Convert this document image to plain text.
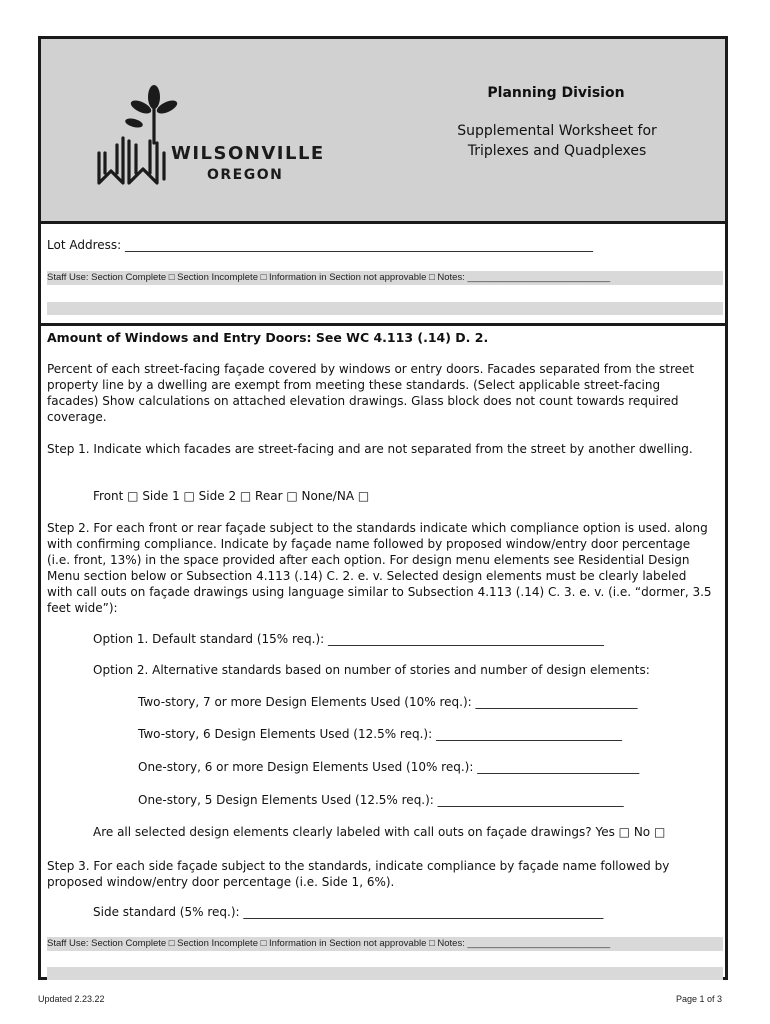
WILSONVILLE
OREGON
Planning Division
Supplemental Worksheet for
Triplexes and Quadplexes
Lot Address: ______________________________________________________________________________
Staff Use: Section Complete □ Section Incomplete □ Information in Section not approvable □ Notes: ___________________________
Amount of Windows and Entry Doors: See WC 4.113 (.14) D. 2.
Percent of each street-facing façade covered by windows or entry doors. Facades separated from the street property line by a dwelling are exempt from meeting these standards. (Select applicable street-facing facades) Show calculations on attached elevation drawings. Glass block does not count towards required coverage.
Step 1. Indicate which facades are street-facing and are not separated from the street by another dwelling.
Front □ Side 1 □ Side 2 □ Rear □ None/NA □
Step 2. For each front or rear façade subject to the standards indicate which compliance option is used. along with confirming compliance. Indicate by façade name followed by proposed window/entry door percentage (i.e. front, 13%) in the space provided after each option. For design menu elements see Residential Design Menu section below or Subsection 4.113 (.14) C. 2. e. v. Selected design elements must be clearly labeled with call outs on façade drawings using language similar to Subsection 4.113 (.14) C. 3. e. v. (i.e. “dormer, 3.5 feet wide”):
Option 1. Default standard (15% req.): ______________________________________________
Option 2. Alternative standards based on number of stories and number of design elements:
Two-story, 7 or more Design Elements Used (10% req.): ___________________________
Two-story, 6 Design Elements Used (12.5% req.): _______________________________
One-story, 6 or more Design Elements Used (10% req.): ___________________________
One-story, 5 Design Elements Used (12.5% req.): _______________________________
Are all selected design elements clearly labeled with call outs on façade drawings? Yes □ No □
Step 3. For each side façade subject to the standards, indicate compliance by façade name followed by proposed window/entry door percentage (i.e. Side 1, 6%).
Side standard (5% req.): ____________________________________________________________
Staff Use: Section Complete □ Section Incomplete □ Information in Section not approvable □ Notes: ___________________________
Updated 2.23.22	Page 1 of 3
